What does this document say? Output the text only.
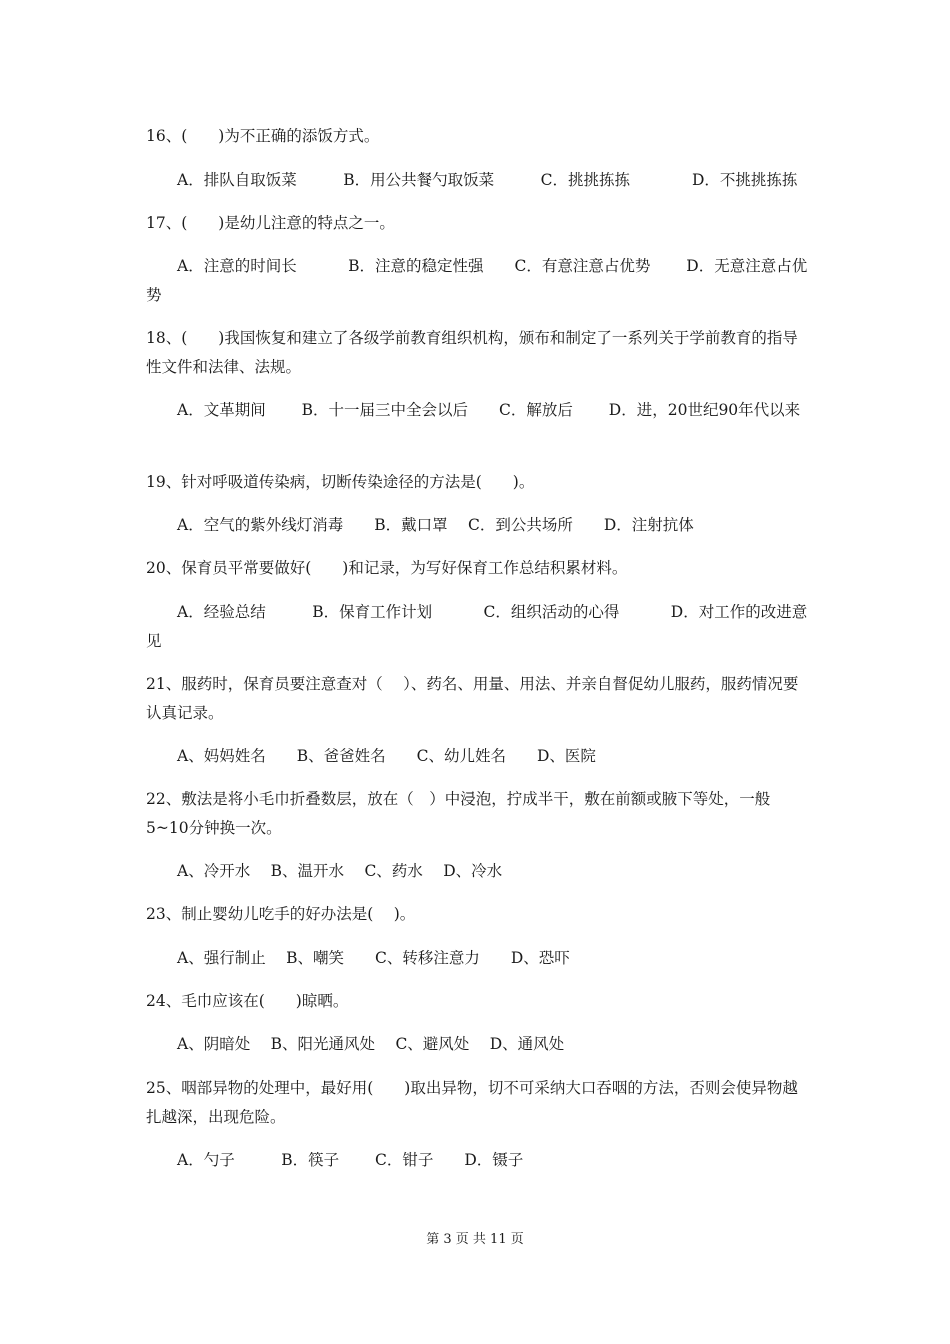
16、(　　)为不正确的添饭方式。

A．排队自取饭菜　　　B．用公共餐勺取饭菜　　　C．挑挑拣拣　　　　D．不挑挑拣拣

17、(　　)是幼儿注意的特点之一。

A．注意的时间长　　　 B．注意的稳定性强　　C．有意注意占优势　　 D．无意注意占优势

18、(　　)我国恢复和建立了各级学前教育组织机构，颁布和制定了一系列关于学前教育的指导性文件和法律、法规。

A．文革期间　　 B．十一届三中全会以后　　C．解放后　　 D．进，20世纪90年代以来

19、针对呼吸道传染病，切断传染途径的方法是(　　)。

A．空气的紫外线灯消毒　　B．戴口罩　 C．到公共场所　　D．注射抗体

20、保育员平常要做好(　　)和记录，为写好保育工作总结积累材料。

A．经验总结　　　B．保育工作计划　　　 C．组织活动的心得　　　 D．对工作的改进意见

21、服药时，保育员要注意查对（　 ）、药名、用量、用法、并亲自督促幼儿服药，服药情况要认真记录。

A、妈妈姓名　　B、爸爸姓名　　C、幼儿姓名　　D、医院

22、敷法是将小毛巾折叠数层，放在（　）中浸泡，拧成半干，敷在前额或腋下等处，一般5~10分钟换一次。

A、冷开水　 B、温开水　 C、药水　 D、冷水

23、制止婴幼儿吃手的好办法是(　 )。

A、强行制止　 B、嘲笑　　C、转移注意力　　D、恐吓

24、毛巾应该在(　　)晾晒。

A、阴暗处　 B、阳光通风处　 C、避风处　 D、通风处

25、咽部异物的处理中，最好用(　　)取出异物，切不可采纳大口吞咽的方法，否则会使异物越扎越深，出现危险。

A．勺子　　　B．筷子　　 C．钳子　　D．镊子

第 3 页 共 11 页
